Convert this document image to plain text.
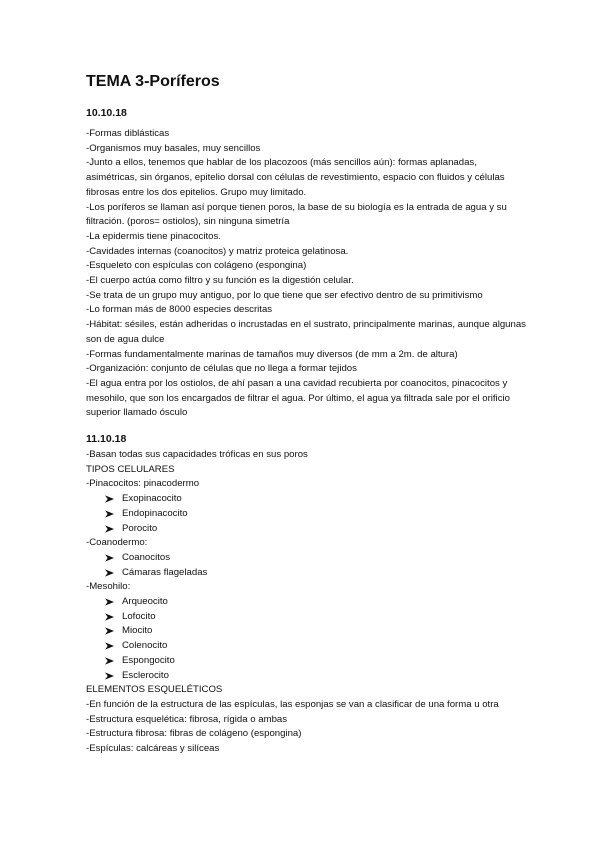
TEMA 3-Poríferos
10.10.18

-Formas diblásticas

-Organismos muy basales, muy sencillos

-Junto a ellos, tenemos que hablar de los placozoos (más sencillos aún): formas aplanadas, asimétricas, sin órganos, epitelio dorsal con células de revestimiento, espacio con fluidos y células fibrosas entre los dos epitelios. Grupo muy limitado.

-Los poríferos se llaman así porque tienen poros, la base de su biología es la entrada de agua y su filtración. (poros= ostiolos), sin ninguna simetría

-La epidermis tiene pinacocitos.

-Cavidades internas (coanocitos) y matriz proteica gelatinosa.

-Esqueleto con espículas con colágeno (espongina)

-El cuerpo actúa como filtro y su función es la digestión celular.

-Se trata de un grupo muy antiguo, por lo que tiene que ser efectivo dentro de su primitivismo

-Lo forman más de 8000 especies descritas

-Hábitat: sésiles, están adheridas o incrustadas en el sustrato, principalmente marinas, aunque algunas son de agua dulce

-Formas fundamentalmente marinas de tamaños muy diversos (de mm a 2m. de altura)

-Organización: conjunto de células que no llega a formar tejidos

-El agua entra por los ostiolos, de ahí pasan a una cavidad recubierta por coanocitos, pinacocitos y mesohilo, que son los encargados de filtrar el agua. Por último, el agua ya filtrada sale por el orificio superior llamado ósculo

11.10.18

-Basan todas sus capacidades tróficas en sus poros

TIPOS CELULARES

-Pinacocitos: pinacodermo

Exopinacocito
Endopinacocito
Porocito

-Coanodermo:

Coanocitos
Cámaras flageladas

-Mesohilo:

Arqueocito
Lofocito
Miocito
Colenocito
Espongocito
Esclerocito

ELEMENTOS ESQUELÉTICOS

-En función de la estructura de las espículas, las esponjas se van a clasificar de una forma u otra

-Estructura esquelética: fibrosa, rígida o ambas

-Estructura fibrosa: fibras de colágeno (espongina)

-Espículas: calcáreas y silíceas
